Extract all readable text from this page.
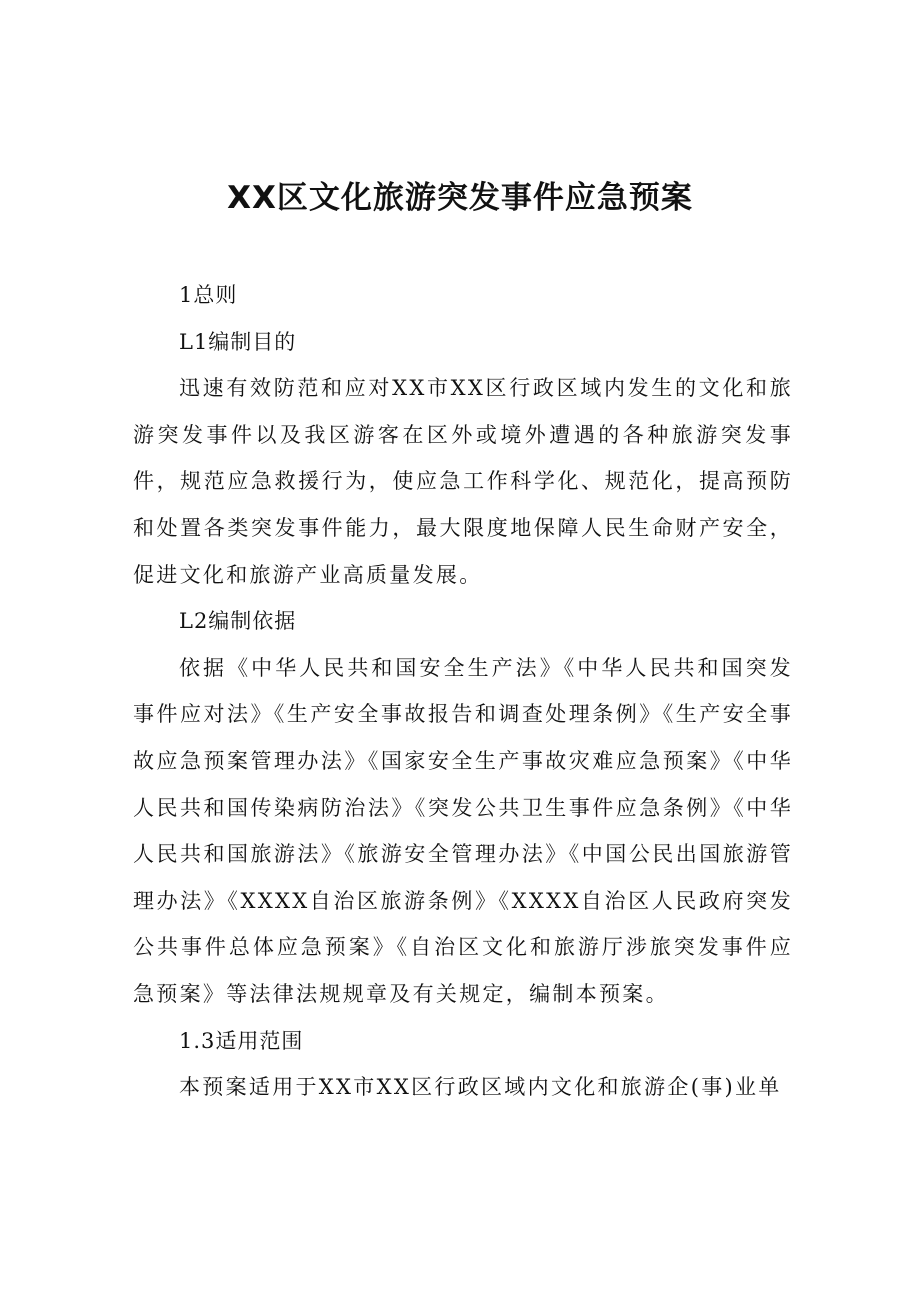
XX区文化旅游突发事件应急预案

1总则

L1编制目的

迅速有效防范和应对XX市XX区行政区域内发生的文化和旅游突发事件以及我区游客在区外或境外遭遇的各种旅游突发事件，规范应急救援行为，使应急工作科学化、规范化，提高预防和处置各类突发事件能力，最大限度地保障人民生命财产安全，促进文化和旅游产业高质量发展。

L2编制依据

依据《中华人民共和国安全生产法》《中华人民共和国突发事件应对法》《生产安全事故报告和调查处理条例》《生产安全事故应急预案管理办法》《国家安全生产事故灾难应急预案》《中华人民共和国传染病防治法》《突发公共卫生事件应急条例》《中华人民共和国旅游法》《旅游安全管理办法》《中国公民出国旅游管理办法》《XXXX自治区旅游条例》《XXXX自治区人民政府突发公共事件总体应急预案》《自治区文化和旅游厅涉旅突发事件应急预案》等法律法规规章及有关规定，编制本预案。

1.3适用范围

本预案适用于XX市XX区行政区域内文化和旅游企(事)业单
